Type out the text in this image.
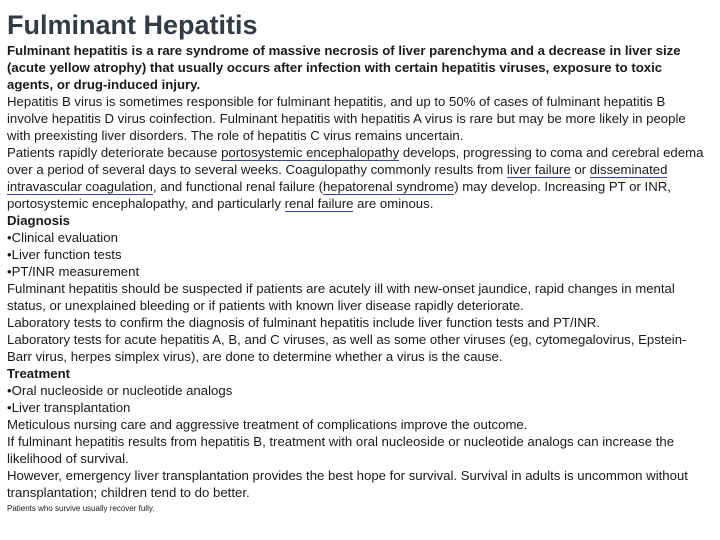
Fulminant Hepatitis

Fulminant hepatitis is a rare syndrome of massive necrosis of liver parenchyma and a decrease in liver size (acute yellow atrophy) that usually occurs after infection with certain hepatitis viruses, exposure to toxic agents, or drug-induced injury.

Hepatitis B virus is sometimes responsible for fulminant hepatitis, and up to 50% of cases of fulminant hepatitis B involve hepatitis D virus coinfection. Fulminant hepatitis with hepatitis A virus is rare but may be more likely in people with preexisting liver disorders. The role of hepatitis C virus remains uncertain.

Patients rapidly deteriorate because portosystemic encephalopathy develops, progressing to coma and cerebral edema over a period of several days to several weeks. Coagulopathy commonly results from liver failure or disseminated intravascular coagulation, and functional renal failure (hepatorenal syndrome) may develop. Increasing PT or INR, portosystemic encephalopathy, and particularly renal failure are ominous.

Diagnosis
•Clinical evaluation
•Liver function tests
•PT/INR measurement

Fulminant hepatitis should be suspected if patients are acutely ill with new-onset jaundice, rapid changes in mental status, or unexplained bleeding or if patients with known liver disease rapidly deteriorate.

Laboratory tests to confirm the diagnosis of fulminant hepatitis include liver function tests and PT/INR.

Laboratory tests for acute hepatitis A, B, and C viruses, as well as some other viruses (eg, cytomegalovirus, Epstein-Barr virus, herpes simplex virus), are done to determine whether a virus is the cause.

Treatment
•Oral nucleoside or nucleotide analogs
•Liver transplantation

Meticulous nursing care and aggressive treatment of complications improve the outcome.

If fulminant hepatitis results from hepatitis B, treatment with oral nucleoside or nucleotide analogs can increase the likelihood of survival.

However, emergency liver transplantation provides the best hope for survival. Survival in adults is uncommon without transplantation; children tend to do better.

Patients who survive usually recover fully.
